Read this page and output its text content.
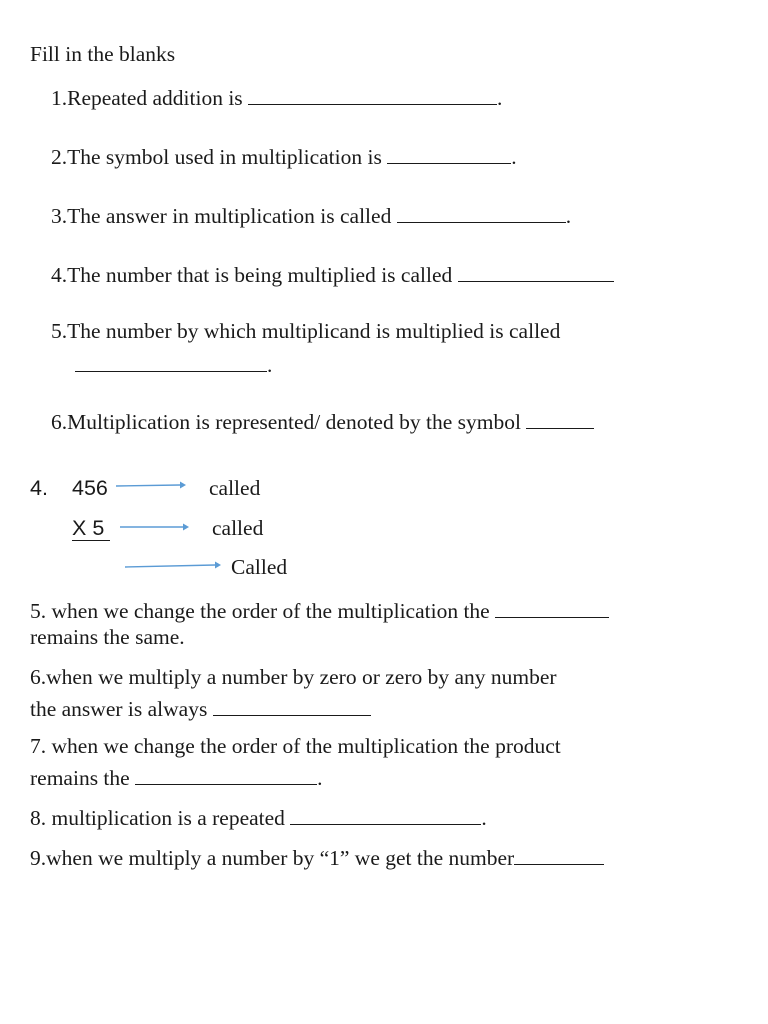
Fill in the blanks
1.Repeated addition is	.
2.The symbol used in multiplication is	.
3.The answer in multiplication is called	.
4.The number that is being multiplied is called
5.The number by which multiplicand is multiplied is called
.
6.Multiplication is represented/ denoted by the symbol
4. 456	called
X 5	called
Called
5. when we change the order of the multiplication the
remains the same.
6.when we multiply a number by zero or zero by any number
the answer is always
7. when we change the order of the multiplication the product
remains the	.
8. multiplication is a repeated	.
9.when we multiply a number by “1” we get the number
